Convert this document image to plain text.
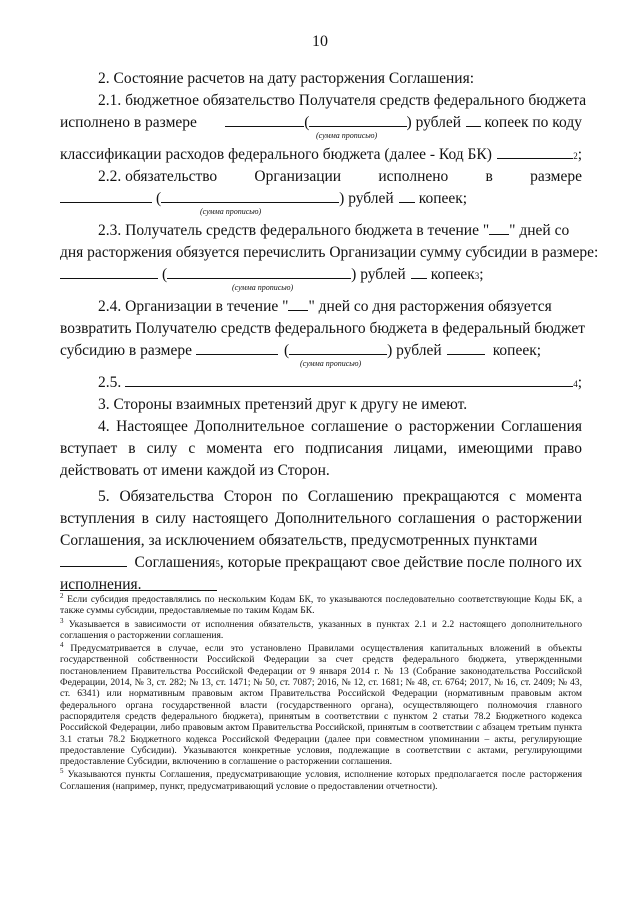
10
2. Состояние расчетов на дату расторжения Соглашения:
2.1. бюджетное обязательство Получателя средств федерального бюджета
исполнено в размере	(	) рублей копеек по коду
(сумма прописью)
классификации расходов федерального бюджета (далее - Код БК)	2 ;
2.2. обязательство Организации исполнено в размере
(	) рублей копеек;
(сумма прописью)
2.3. Получатель средств федерального бюджета в течение " " дней со
дня расторжения обязуется перечислить Организации сумму субсидии в размере:
(	) рублей копеек 3 ;
(сумма прописью)
2.4. Организации в течение " " дней со дня расторжения обязуется
возвратить Получателю средств федерального бюджета в федеральный бюджет
субсидию в размере	(	) рублей	копеек;
(сумма прописью)
2.5.	4 ;

3. Стороны взаимных претензий друг к другу не имеют.

4. Настоящее Дополнительное соглашение о расторжении Соглашения вступает в силу с момента его подписания лицами, имеющими право действовать от имени каждой из Сторон.

5. Обязательства Сторон по Соглашению прекращаются с момента вступления в силу настоящего Дополнительного соглашения о расторжении Соглашения, за исключением обязательств, предусмотренных пунктами

Соглашения 5 , которые прекращают свое действие после полного их
исполнения.

$^2$ Если субсидия предоставлялись по нескольким Кодам БК, то указываются последовательно соответствующие Коды БК, а также суммы субсидии, предоставляемые по таким Кодам БК.

$^3$ Указывается в зависимости от исполнения обязательств, указанных в пунктах 2.1 и 2.2 настоящего дополнительного соглашения о расторжении соглашения.

$^4$ Предусматривается в случае, если это установлено Правилами осуществления капитальных вложений в объекты государственной собственности Российской Федерации за счет средств федерального бюджета, утвержденными постановлением Правительства Российской Федерации от 9 января 2014 г. № 13 (Собрание законодательства Российской Федерации, 2014, № 3, ст. 282; № 13, ст. 1471; № 50, ст. 7087; 2016, № 12, ст. 1681; № 48, ст. 6764; 2017, № 16, ст. 2409; № 43, ст. 6341) или нормативным правовым актом Правительства Российской Федерации (нормативным правовым актом федерального органа государственной власти (государственного органа), осуществляющего полномочия главного распорядителя средств федерального бюджета), принятым в соответствии с пунктом 2 статьи 78.2 Бюджетного кодекса Российской Федерации, либо правовым актом Правительства Российской, принятым в соответствии с абзацем третьим пункта 3.1 статьи 78.2 Бюджетного кодекса Российской Федерации (далее при совместном упоминании – акты, регулирующие предоставление Субсидии). Указываются конкретные условия, подлежащие в соответствии с актами, регулирующими предоставление Субсидии, включению в соглашение о расторжении соглашения.

$^5$ Указываются пункты Соглашения, предусматривающие условия, исполнение которых предполагается после расторжения Соглашения (например, пункт, предусматривающий условие о предоставлении отчетности).
